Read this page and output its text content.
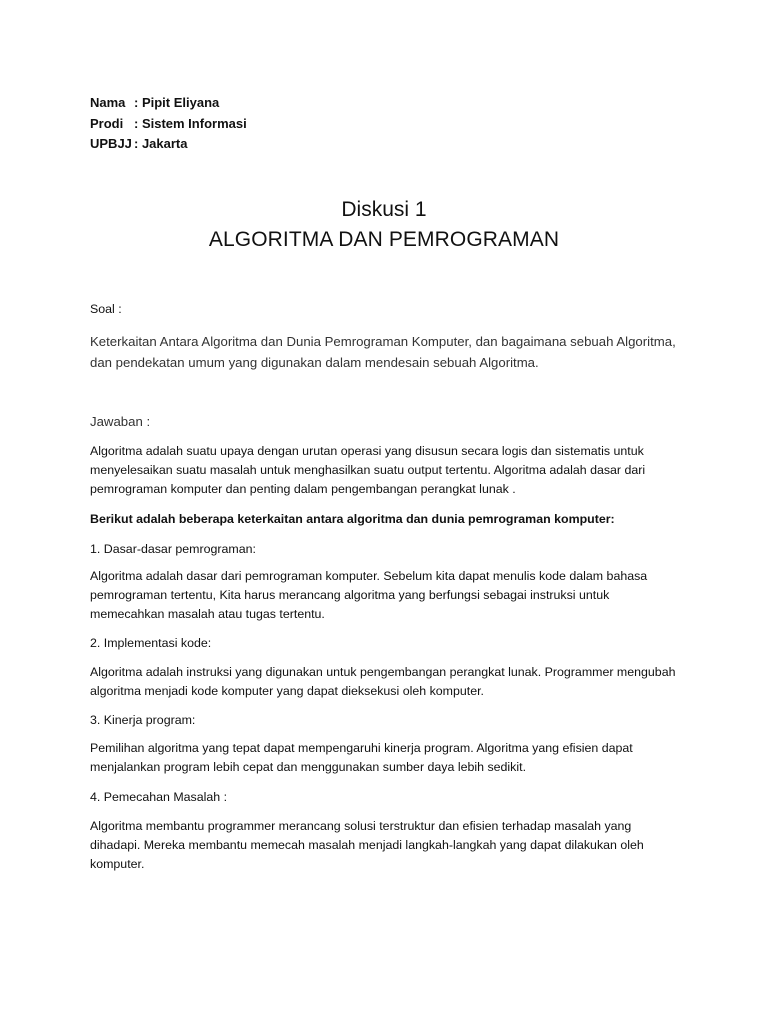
Nama : Pipit Eliyana
Prodi : Sistem Informasi
UPBJJ : Jakarta
Diskusi 1
ALGORITMA DAN PEMROGRAMAN
Soal :
Keterkaitan Antara Algoritma dan Dunia Pemrograman Komputer, dan bagaimana sebuah Algoritma, dan pendekatan umum yang digunakan dalam mendesain sebuah Algoritma.
Jawaban :
Algoritma adalah suatu upaya dengan urutan operasi yang disusun secara logis dan sistematis untuk menyelesaikan suatu masalah untuk menghasilkan suatu output tertentu. Algoritma adalah dasar dari pemrograman komputer dan penting dalam pengembangan perangkat lunak .
Berikut adalah beberapa keterkaitan antara algoritma dan dunia pemrograman komputer:
1. Dasar-dasar pemrograman:
Algoritma adalah dasar dari pemrograman komputer. Sebelum kita dapat menulis kode dalam bahasa pemrograman tertentu, Kita harus merancang algoritma yang berfungsi sebagai instruksi untuk memecahkan masalah atau tugas tertentu.
2. Implementasi kode:
Algoritma adalah instruksi yang digunakan untuk pengembangan perangkat lunak. Programmer mengubah algoritma menjadi kode komputer yang dapat dieksekusi oleh komputer.
3. Kinerja program:
Pemilihan algoritma yang tepat dapat mempengaruhi kinerja program. Algoritma yang efisien dapat menjalankan program lebih cepat dan menggunakan sumber daya lebih sedikit.
4. Pemecahan Masalah :
Algoritma membantu programmer merancang solusi terstruktur dan efisien terhadap masalah yang dihadapi. Mereka membantu memecah masalah menjadi langkah-langkah yang dapat dilakukan oleh komputer.
